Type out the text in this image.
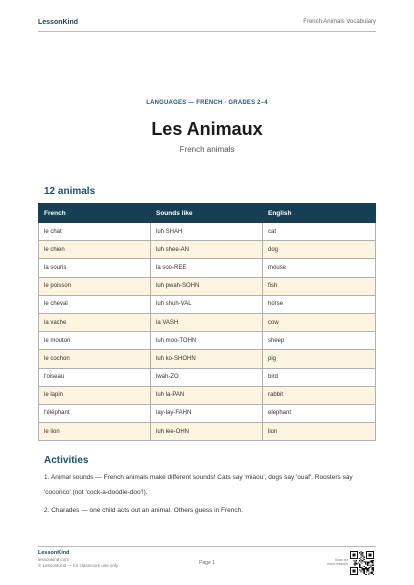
LessonKind	French Animals Vocabulary
LANGUAGES — FRENCH · GRADES 2–4
Les Animaux
French animals
12 animals
French	Sounds like	English
le chat	luh SHAH	cat
le chien	luh shee-AN	dog
la souris	la soo-REE	mouse
le poisson	luh pwah-SOHN	fish
le cheval	luh shuh-VAL	horse
la vache	la VASH	cow
le mouton	luh moo-TOHN	sheep
le cochon	luh ko-SHOHN	pig
l'oiseau	lwah-ZO	bird
le lapin	luh la-PAN	rabbit
l'éléphant	lay-lay-FAHN	elephant
le lion	luh lee-OHN	lion
Activities

1. Animal sounds — French animals make different sounds! Cats say 'miaou', dogs say 'ouaf'. Roosters say 'cocorico' (not 'cock-a-doodle-doo'!).

2. Charades — one child acts out an animal. Others guess in French.

LessonKind
lessonkind.com
© LessonKind — for classroom use only	Page 1	Scan for
more lessons
